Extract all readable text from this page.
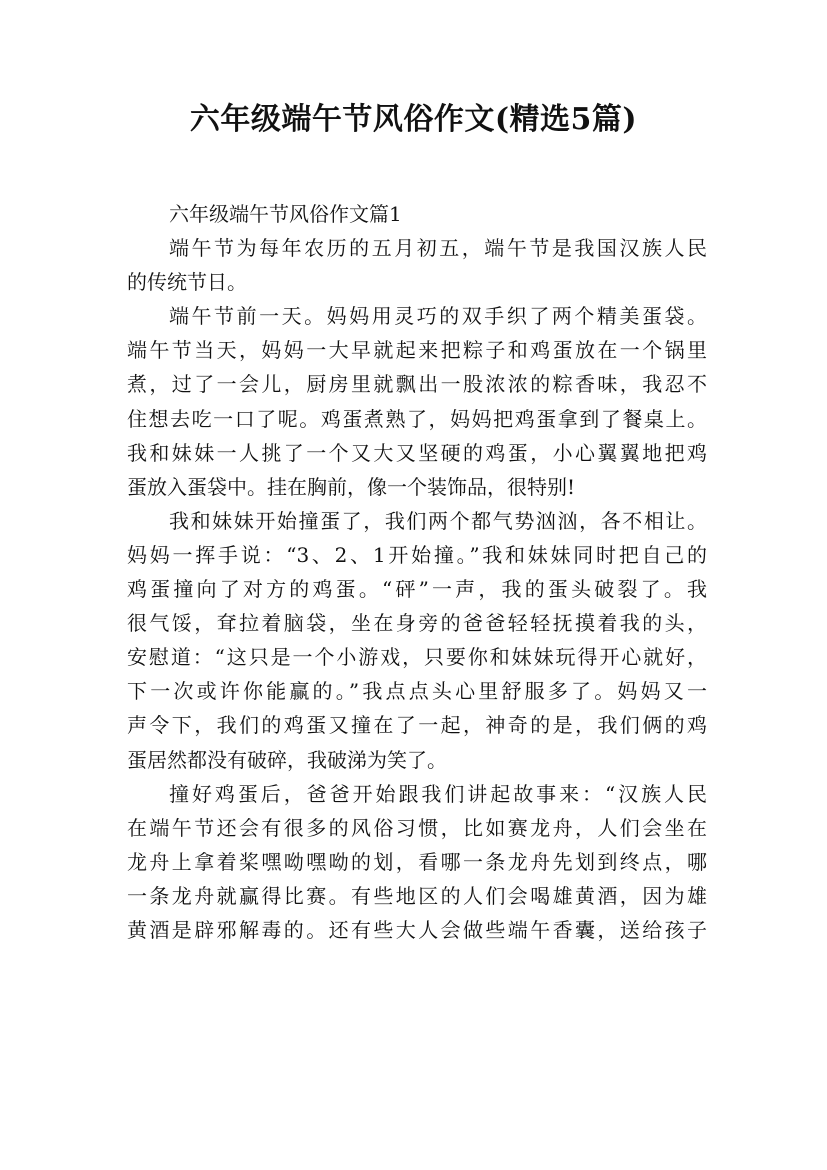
六年级端午节风俗作文(精选5篇)
六年级端午节风俗作文篇1
端午节为每年农历的五月初五，端午节是我国汉族人民
的传统节日。
端午节前一天。妈妈用灵巧的双手织了两个精美蛋袋。
端午节当天，妈妈一大早就起来把粽子和鸡蛋放在一个锅里
煮，过了一会儿，厨房里就飘出一股浓浓的粽香味，我忍不
住想去吃一口了呢。鸡蛋煮熟了，妈妈把鸡蛋拿到了餐桌上。
我和妹妹一人挑了一个又大又坚硬的鸡蛋，小心翼翼地把鸡
蛋放入蛋袋中。挂在胸前，像一个装饰品，很特别!
我和妹妹开始撞蛋了，我们两个都气势汹汹，各不相让。
妈妈一挥手说：“3、2、1开始撞。”我和妹妹同时把自己的
鸡蛋撞向了对方的鸡蛋。“砰”一声，我的蛋头破裂了。我
很气馁，耷拉着脑袋，坐在身旁的爸爸轻轻抚摸着我的头，
安慰道：“这只是一个小游戏，只要你和妹妹玩得开心就好，
下一次或许你能赢的。”我点点头心里舒服多了。妈妈又一
声令下，我们的鸡蛋又撞在了一起，神奇的是，我们俩的鸡
蛋居然都没有破碎，我破涕为笑了。
撞好鸡蛋后，爸爸开始跟我们讲起故事来：“汉族人民
在端午节还会有很多的风俗习惯，比如赛龙舟，人们会坐在
龙舟上拿着桨嘿呦嘿呦的划，看哪一条龙舟先划到终点，哪
一条龙舟就赢得比赛。有些地区的人们会喝雄黄酒，因为雄
黄酒是辟邪解毒的。还有些大人会做些端午香囊，送给孩子
